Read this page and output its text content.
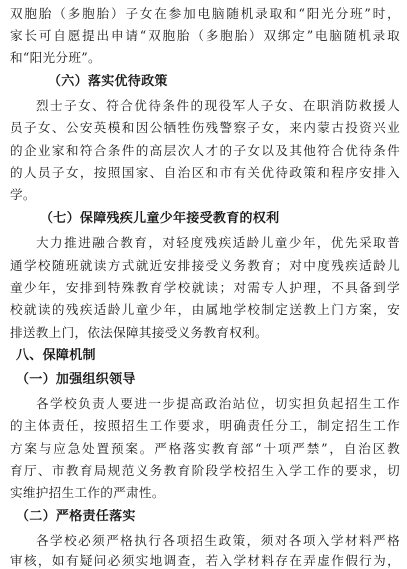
双胞胎（多胞胎）子女在参加电脑随机录取和“阳光分班”时，
家长可自愿提出申请“双胞胎（多胞胎）双绑定”电脑随机录取
和“阳光分班”。
（六）落实优待政策
烈士子女、符合优待条件的现役军人子女、在职消防救援人
员子女、公安英模和因公牺牲伤残警察子女，来内蒙古投资兴业
的企业家和符合条件的高层次人才的子女以及其他符合优待条件
的人员子女，按照国家、自治区和市有关优待政策和程序安排入
学。
（七）保障残疾儿童少年接受教育的权利
大力推进融合教育，对轻度残疾适龄儿童少年，优先采取普
通学校随班就读方式就近安排接受义务教育；对中度残疾适龄儿
童少年，安排到特殊教育学校就读；对需专人护理，不具备到学
校就读的残疾适龄儿童少年，由属地学校制定送教上门方案，安
排送教上门，依法保障其接受义务教育权利。
八、保障机制
（一）加强组织领导
各学校负责人要进一步提高政治站位，切实担负起招生工作
的主体责任，按照招生工作要求，明确责任分工，制定招生工作
方案与应急处置预案。严格落实教育部“十项严禁”，自治区教
育厅、市教育局规范义务教育阶段学校招生入学工作的要求，切
实维护招生工作的严肃性。
（二）严格责任落实
各学校必须严格执行各项招生政策，须对各项入学材料严格
审核，如有疑问必须实地调查，若入学材料存在弄虚作假行为，
